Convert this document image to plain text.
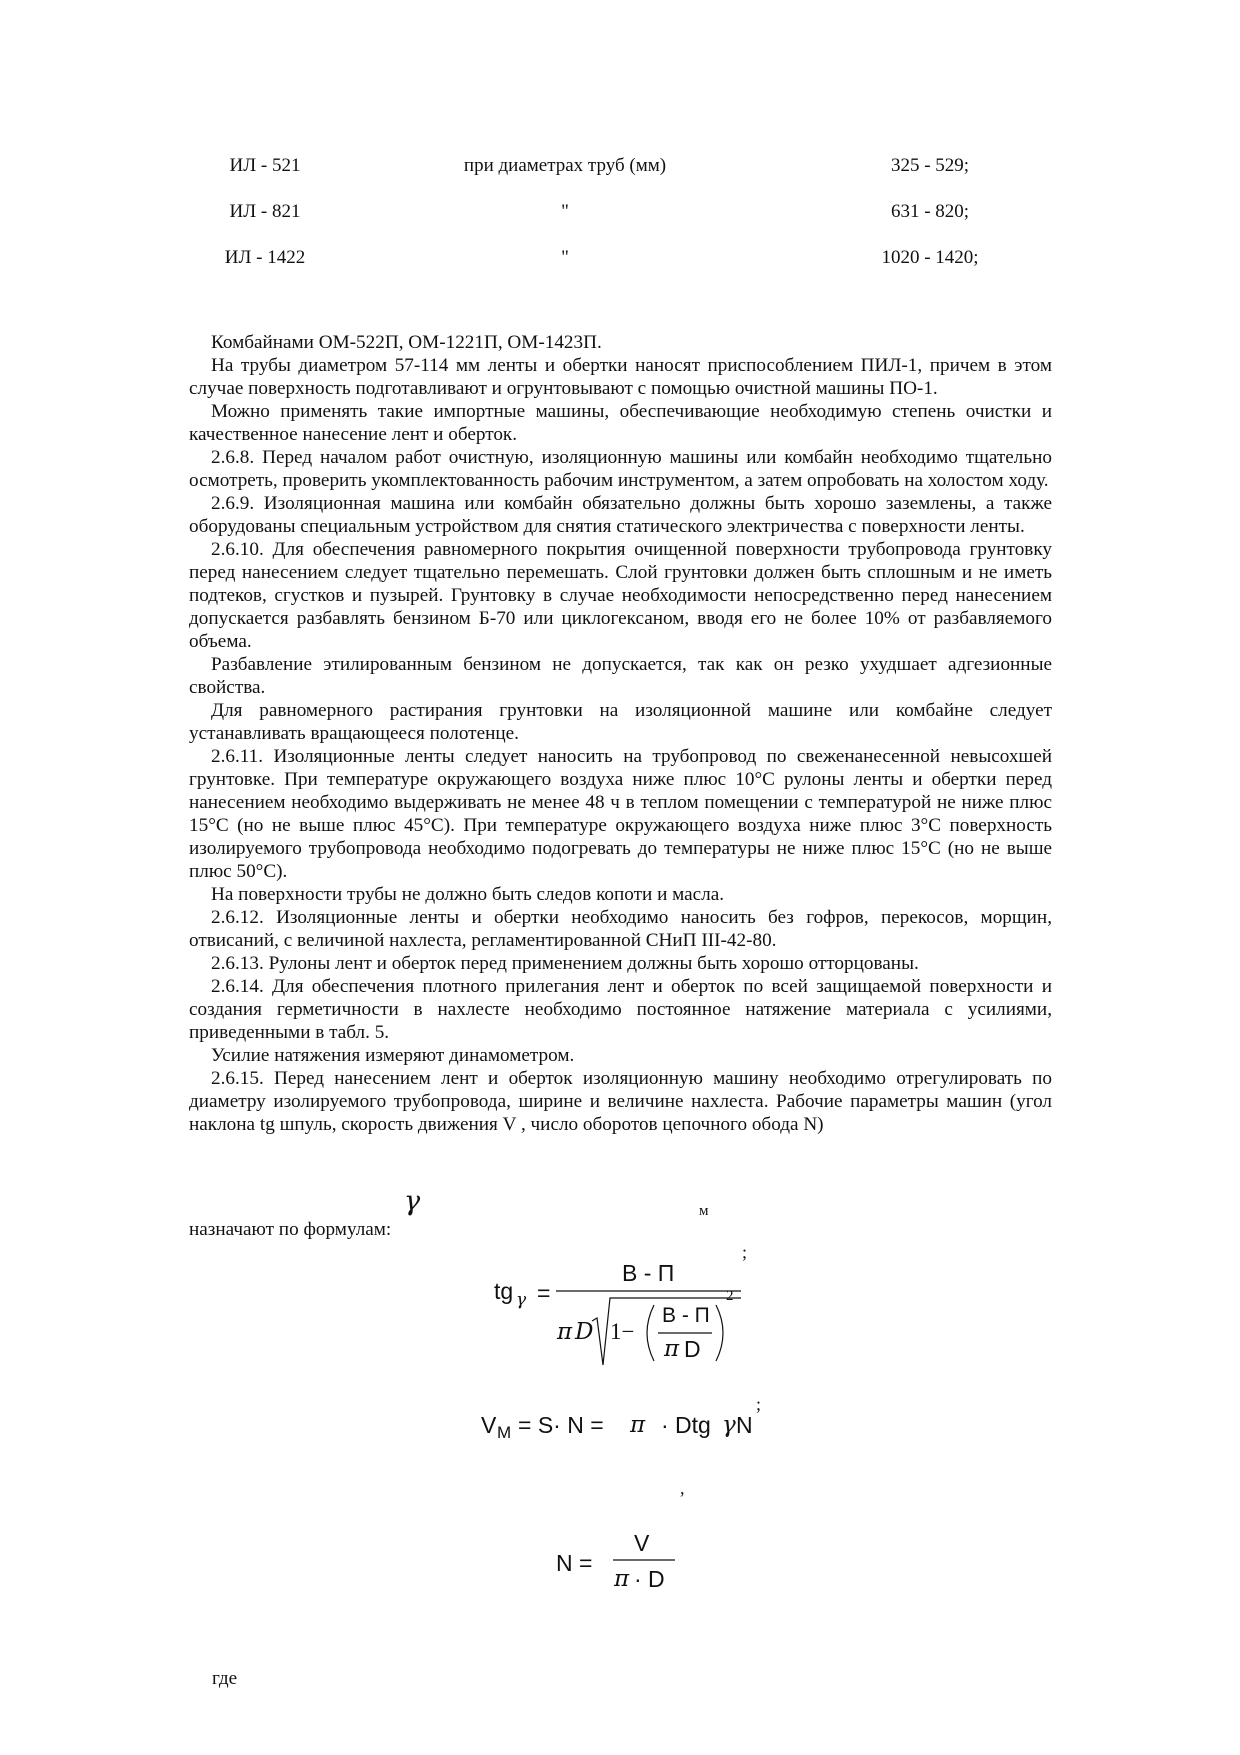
ИЛ - 521	при диаметрах труб (мм)	325 - 529;
ИЛ - 821	"	631 - 820;
ИЛ - 1422	"	1020 - 1420;

Комбайнами ОМ-522П, ОМ-1221П, ОМ-1423П.

На трубы диаметром 57-114 мм ленты и обертки наносят приспособлением ПИЛ-1, причем в этом случае поверхность подготавливают и огрунтовывают с помощью очистной машины ПО-1.

Можно применять такие импортные машины, обеспечивающие необходимую степень очистки и качественное нанесение лент и оберток.

2.6.8. Перед началом работ очистную, изоляционную машины или комбайн необходимо тщательно осмотреть, проверить укомплектованность рабочим инструментом, а затем опробовать на холостом ходу.

2.6.9. Изоляционная машина или комбайн обязательно должны быть хорошо заземлены, а также оборудованы специальным устройством для снятия статического электричества с поверхности ленты.

2.6.10. Для обеспечения равномерного покрытия очищенной поверхности трубопровода грунтовку перед нанесением следует тщательно перемешать. Слой грунтовки должен быть сплошным и не иметь подтеков, сгустков и пузырей. Грунтовку в случае необходимости непосредственно перед нанесением допускается разбавлять бензином Б-70 или циклогексаном, вводя его не более 10% от разбавляемого объема.

Разбавление этилированным бензином не допускается, так как он резко ухудшает адгезионные свойства.

Для равномерного растирания грунтовки на изоляционной машине или комбайне следует устанавливать вращающееся полотенце.

2.6.11. Изоляционные ленты следует наносить на трубопровод по свеженанесенной невысохшей грунтовке. При температуре окружающего воздуха ниже плюс 10°С рулоны ленты и обертки перед нанесением необходимо выдерживать не менее 48 ч в теплом помещении с температурой не ниже плюс 15°С (но не выше плюс 45°С). При температуре окружающего воздуха ниже плюс 3°С поверхность изолируемого трубопровода необходимо подогревать до температуры не ниже плюс 15°С (но не выше плюс 50°С).

На поверхности трубы не должно быть следов копоти и масла.

2.6.12. Изоляционные ленты и обертки необходимо наносить без гофров, перекосов, морщин, отвисаний, с величиной нахлеста, регламентированной СНиП III-42-80.

2.6.13. Рулоны лент и оберток перед применением должны быть хорошо отторцованы.

2.6.14. Для обеспечения плотного прилегания лент и оберток по всей защищаемой поверхности и создания герметичности в нахлесте необходимо постоянное натяжение материала с усилиями, приведенными в табл. 5.

Усилие натяжения измеряют динамометром.

2.6.15. Перед нанесением лент и оберток изоляционную машину необходимо отрегулировать по диаметру изолируемого трубопровода, ширине и величине нахлеста. Рабочие параметры машин (угол наклона tg шпуль, скорость движения V , число оборотов цепочного обода N)

γ	м
назначают по формулам:
;
tg γ =
В - П
π D 1−
В - П
π D
2
;
V М = S· N = π · Dtg γ N
,
N =
V
π · D
где
